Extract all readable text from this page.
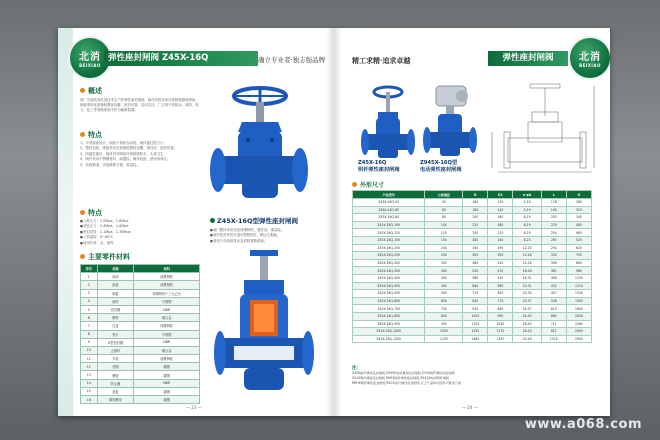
北消
BEIXIAO
弹性座封闸阀 Z45X-16Q	确立专业者·独志强品牌
概述
我厂引进欧洲先进技术生产的弹性座封闸阀，阀体内腔采用环氧树脂静电喷涂，闸板采用优质橡胶整体包覆，密封可靠，启闭灵活，广泛用于给排水、消防、电力、化工等管路系统中作为截断装置。
特点
1、平底阀座设计，阀座不易积存杂物，流体通过阻力小。
2、整体包胶，闸板采用优质橡胶整体包覆，弹性好，密封可靠。
3、防腐性能好，阀体内外喷涂环氧树脂粉末，无毒卫生。
4、阀杆采用不锈钢材料，耐腐蚀，操作轻便，使用寿命长。
5、结构紧凑，安装维修方便，重量轻。
特点
●公称压力：1.0Mpa、1.6Mpa
●试验压力：2.4Mpa、1.6Mpa
●密封试验：1.1Mpa、1.76Mpa
●工作温度：0~80℃
●适用介质：水、油等
主要零件材料
序号	名称	材料
1	阀体	球墨铸铁
2	阀盖	球墨铸铁
3	闸板	球墨铸铁+三元乙丙
4	阀杆	不锈钢
5	密封圈	NBR
6	螺母	铜合金
7	压盖	球墨铸铁
8	垫片	不锈钢
9	O型密封圈	NBR
10	止推环	铜合金
11	手轮	球墨铸铁
12	垫圈	碳钢
13	螺栓	碳钢
14	防尘圈	NBR
15	盖板	碳钢
16	紧固螺母	碳钢
Z45X-16Q型弹性座封闸阀
●阀门整体采用优质球墨铸铁，强度高，重量轻。
●阀杆密封采用多道O型圈密封，保证无泄漏。
●适用于市政给排水及消防管路系统。
— 23 —
精工求精·追求卓越	弹性座封闸阀	北消
BEIXIAO
Z45X-16Q
明杆弹性座封闸阀
Z945X-16Q型
电动弹性座封闸阀
外形尺寸
产品型号	公称通径	D	D1	n-φd	L	H
Z45X-16Q-50	50	165	125	4-19	178	285
Z45X-16Q-65	65	185	145	4-19	190	310
Z45X-16Q-80	80	200	160	8-19	203	345
Z45X-16Q-100	100	220	180	8-19	229	405
Z45X-16Q-125	125	250	210	8-19	254	465
Z45X-16Q-150	150	285	240	8-23	267	520
Z45X-16Q-200	200	340	295	12-23	292	620
Z45X-16Q-250	250	405	355	12-28	330	750
Z45X-16Q-300	300	460	410	12-28	356	860
Z45X-16Q-350	350	520	470	16-28	381	980
Z45X-16Q-400	400	580	525	16-31	406	1100
Z45X-16Q-450	450	640	585	20-31	432	1210
Z45X-16Q-500	500	715	650	20-34	457	1330
Z45X-16Q-600	600	840	770	20-37	508	1550
Z45X-16Q-700	700	910	840	24-37	610	1800
Z45X-16Q-800	800	1025	950	24-40	660	2030
Z45X-16Q-900	900	1125	1050	28-40	711	2260
Z45X-16Q-1000	1000	1255	1170	28-43	811	2490
Z45X-16Q-1200	1200	1485	1390	32-49	1015	2950
注：
Z45X暗杆弹性座封闸阀 Z945X电动弹性座封闸阀 Z15X暗杆弹性座封闸阀
Z41X明杆弹性座封闸阀 RVHX暗杆弹性座封闸阀 Z941X电动明杆闸阀
RRHX明杆弹性座封闸阀 RVCX信号弹性座封闸阀 以上产品均可按用户要求订做
— 24 —
www.a068.com
